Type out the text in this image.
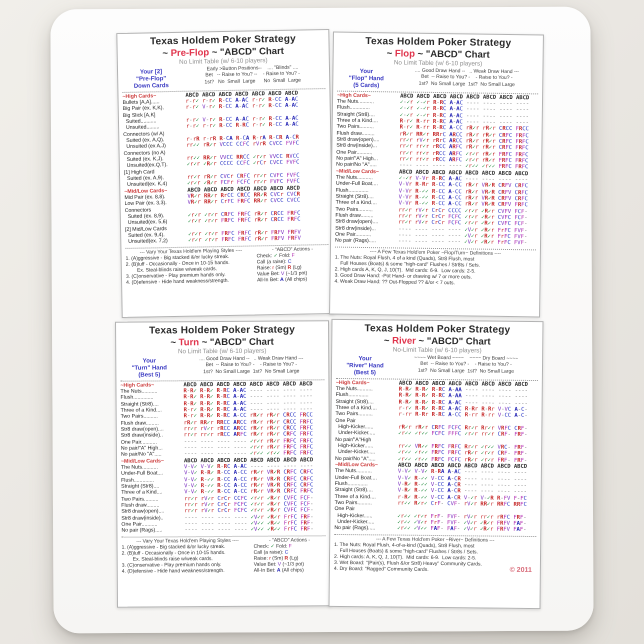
Texas Holdem Poker Strategy
~ Pre-Flop ~ "ABCD" Chart
No Limit Table (w/ 6-10 players)
Your [2]
"Pre-Flop"
Down Cards
Early >Button Positions--    .... "Blinds" ....
Bet   -- Raise to You? --    - Raise to You? -
1st?   No  Small  Large      No  Small  Large
~High Cards~	ABCD ABCD ABCD ABCD ABCD ABCD ABCD
Bullets [A,A]......	r-r✓ r-r✓ R-CC A-AC r-r✓ R-CC A-AC
Big Pair (ex. K,K).	r-r✓ V-r✓ R-CC A-AC r-r✓ R-CC A-AC
Big Slick [A,K]
Suited...........	r-r✓ V-r✓ R-CC A-AC r-r✓ R-CC A-AC
Unsuited.........	r-r✓ r-r✓ R-CC R-RC r-r✓ R-CC A-AC
Connectors (w/ A)
Suited (ex. A,Q).	r-rR r-rR R-CA R-CA R-rA R-CR A-CR
Unsuited (ex A,J)	rr✓✓ rR✓r VCCC CCFC rVrR CVCC FVFC
Connectors (no A)
Suited (ex. K,J).	rr✓✓ RR✓r VVCC RRCC ✓r✓r VVCC RVCC
Unsuited(ex.Q,T).	✓r✓r ✓R✓r CCCC CCFC ✓rCr CVCC FVFC
[1] High Card
Suited (ex. A,9).	rr✓r rR✓r CVCr CRFC rr✓r CVFC FVFC
Unsuited(ex. K,4)	✓r✓r ✓R✓r FCFr FCFC rr✓r FVFC FVFC
~Mid/Low Cards~	ABCD ABCD ABCD ABCD ABCD ABCD ABCD
Mid Pair (ex. 8,8).	VR✓r RR✓r RrCC CRCC RR✓R CVCr CVCR
Low Pair (ex. 3,3).	VR✓r RR✓r CrFC FRFC RR✓r CVCC CVCC
Connectors
Suited (ex. 8,9).	✓r✓r ✓r✓r CRFC FRFC rR✓r CRCC FRFC
Unsuited(ex. 5,6)	✓r✓r ✓r✓r FRFC FRFC rR✓r CRCC FRFC
[2] Mid/Low Cards
Suited (ex. 9,4).	✓r✓r ✓r✓r FRFC FRFC rR✓r FRFV FRFV
Unsuited(ex. 7,2)	✓r✓r ✓r✓r FRFC FRFC rR✓r FRFV FRFV
--- Vary Your Texas Hold'em Playing Styles ----
1. (A)ggressive - Big stacked &/or lucky streak.
2. (B)luff - Occasionally - Once in 10-15 hands.
Ex. Steal-blinds raise w/weak cards.
3. (C)onservative - Play premium hands only.
4. (D)efensive - Hide hand weakness/strength.
- "ABCD" Actions -
Check: ✓ Fold: F
Call (a raise): C
Raise: r (Sm) R (Lg)
Value Bet: V (~1/3 pot)
All-In Bet: A (All chips)
Texas Holdem Poker Strategy
~ Flop ~ "ABCD" Chart
No Limit Table (w/ 6-10 players)
Your
"Flop" Hand
(5 Cards)
.... Good Draw Hand --   .. Weak Draw Hand ---
Bet  -- Raise to You? -    - Raise to You? -
1st?  No Small Large  1st?  No Small Large
~High Cards~	ABCD ABCD ABCD ABCD ABCD ABCD ABCD ABCD
The Nuts...........	✓-✓r ✓-✓r R-RC A-AC ---- ---- ---- ----
Flush..............	✓-✓r ✓-✓r R-RC A-AC ---- ---- ---- ----
Straight (Str8)....	✓-✓r ✓-✓r R-RC A-AC ---- ---- ---- ----
Three of a Kind....	R-r✓ R-rr R-RC A-AC ---- ---- ---- ----
Two Pairs..........	R-r✓ R-rr R-RC A-CC rR✓r rR✓r CRCC FRCC
Flush draw.........	rR✓r RR✓r RRrC ARCC rR✓r rR✓r CRFC FRFC
Str8 draw(open)....	rr✓r rV✓r rRrC ARCC rR✓r rR✓r CRFC FRFC
Str8 drw(inside)...	rr✓r rr✓r rRCC ARFC rR✓r rR✓r CRFC FRFC
One Pair...........	rr✓r rr✓r rRCC ARFC ✓r✓r rR✓r FRFC FRFC
No pair/"A" High...	rr✓r rr✓r rRCC ARFC ✓r✓r rR✓r FRFC FRFC
No pair/No "A".....	---- ---- ---- ---- ✓r✓✓ ✓r✓✓ FRFC FRFC
~Mid/Low Cards~	ABCD ABCD ABCD ABCD ABCD ABCD ABCD ABCD
The Nuts...........	✓-✓r V-Vr R-RC A-AC ---- ---- ---- ----
Under-Full Boat....	V-Vr R-Rr R-CC A-CC rR✓r VR✓R CRFV CRFC
Flush..............	V-Vr R-✓✓ R-CC A-CC rR✓r VR✓R CRFV CRFC
Straight (Str8)....	V-Vr R-✓✓ R-CC A-CC rR✓r VR✓R CRFV CRFC
Three of a Kind....	V-Vr R-✓✓ R-CC A-CC rR✓r VR✓R CRFV FRFC
Two Pairs..........	rr✓r rV✓r CrCr CCCC ✓r✓r ✓R✓r CVFV FCF-
Flush draw.........	rr✓r rV✓r CrCr FCFC ✓r✓r ✓R✓r CVFC FCF-
Str8 draw(open)....	rr✓r rV✓r CrCr FCFC ✓r✓r ✓R✓r CVFC FCF-
Str8 drw(inside)...	---- ---- ---- ---- ✓V✓r ✓R✓r FrFC FVF-
One Pair...........	---- ---- ---- ---- ✓V✓r ✓R✓r FrFC FVF-
No pair (Rags).....	---- ---- ---- ---- ✓V✓r ✓R✓r FrFC FVF-
---- A Few Texas Hold'em Poker ~Flop/Turn~ Definitions ----
1. The Nuts: Royal Flush, 4 of a kind (Quads), Str8 Flush, most
Full Houses (Boats) & some "high-card" Flushes / Str8ts / Sets.
2. High cards A, K, Q, J, 10(T).  Mid cards: 6-9.  Low cards: 2-5.
3. Good Draw Hand: -Pot Hand- or drawing w/ 7 or more outs.
4. Weak Draw Hand: ?? Out-Flopped ?? &/or < 7 outs.
Texas Holdem Poker Strategy
~ Turn ~ "ABCD" Chart
No Limit Table (w/ 6-10 players)
Your
"Turn" Hand
(Best 5)
.... Good Draw Hand --   .. Weak Draw Hand ---
Bet  -- Raise to You? -    - Raise to You? -
1st?  No Small Large  1st?  No Small Large
~High Cards~	ABCD ABCD ABCD ABCD ABCD ABCD ABCD ABCD
The Nuts...........	R-R✓ R-R✓ R-RC A-AC ---- ---- ---- ----
Flush..............	R-R✓ R-R✓ R-RC A-AC ---- ---- ---- ----
Straight (Str8)....	R-R✓ R-R✓ R-RC A-AC ---- ---- ---- ----
Three of a Kind....	R-r✓ R-R✓ R-RC A-AC ---- ---- ---- ----
Two Pairs..........	R-r✓ R-R✓ R-RC A-CC rR✓r rR✓r CRCC FRCC
Flush draw.........	rR✓r RR✓r RRCC ARCC rR✓r rR✓r CRCC FRFC
Str8 draw(open)....	rr✓r rV✓r rRCC ARCC rR✓r rR✓r CRCC FRFC
Str8 draw(inside)..	rr✓r rr✓r rRCC ARFC rR✓r rR✓r CRFC FRFC
One Pair...........	---- ---- ---- ---- ✓r✓r rR✓r FRFC FRFC
No pair/"A" High...	---- ---- ---- ---- ✓r✓r rR✓r FRFC FRFC
No pair/No "A".....	---- ---- ---- ---- ✓r✓✓ ✓r✓✓ FRFC FRFC
~Mid/Low Cards~	ABCD ABCD ABCD ABCD ABCD ABCD ABCD ABCD
The Nuts...........	V-V✓ V-V✓ R-RC A-AC ---- ---- ---- ----
Under-Full Boat....	V-V✓ R-R✓ R-CC A-CC rR✓r VR✓R CRFC CRFC
Flush..............	V-V✓ R-✓✓ R-CC A-CC rR✓r VR✓R CRFC CRFC
Straight (Str8)....	V-V✓ R-✓✓ R-CC A-CC rR✓r VR✓R CRFC CRFC
Three of a Kind....	V-V✓ R-✓✓ R-CC A-CC rR✓r VR✓R CRFC FRFC
Two Pairs..........	rr✓r rV✓r CrCr CCFC ✓r✓r ✓R✓r CVFC FCF-
Flush draw.........	rr✓r rV✓r CrCr FCFC ✓r✓r ✓R✓r CVFC FCF-
Str8 draw(open)....	rr✓r rV✓r CrCr FCFC ✓r✓r ✓R✓r CVFC FCF-
Str8 draw(inside)..	---- ---- ---- ---- ✓V✓r ✓R✓r FrFC FRF-
One Pair...........	---- ---- ---- ---- ✓V✓✓ ✓R✓✓ FrFC FRF-
No pair (Rags).....	---- ---- ---- ---- ✓V✓✓ ✓R✓✓ FrFC FRF-
--- Vary Your Texas Hold'em Playing Styles ----
1. (A)ggressive - Big stacked &/or lucky streak.
2. (B)luff - Occasionally - Once in 10-15 hands.
Ex. Steal-blinds raise w/weak cards.
3. (C)onservative - Play premium hands only.
4. (D)efensive - Hide hand weakness/strength.
- "ABCD" Actions -
Check: ✓ Fold: F
Call (a raise): C
Raise: r (Sm) R (Lg)
Value Bet: V (~1/3 pot)
All-In Bet: A (All chips)
Texas Holdem Poker Strategy
~ River ~ "ABCD" Chart
No-Limit Table (w/ 6-10 players)
Your
"River" Hand
(Best 5)
~~~~ Wet Board ~~~~    ~~~~ Dry Board ~~~~
Bet  -- Raise to You? -    - Raise to You? -
1st?  No Small Large  1st?  No Small Large
~High Cards~	ABCD ABCD ABCD ABCD ABCD ABCD ABCD ABCD
The Nuts...........	R-R✓ R-R✓ R-RC A-AA ---- ---- ---- ----
Flush..............	R-R✓ R-R✓ R-RC A-AA ---- ---- ---- ----
Straight (Str8)....	R-R✓ R-R✓ R-RC A-AC ---- ---- ---- ----
Three of a Kind....	r-r✓ R-R✓ R-RC A-AC R-Rr R-Rr V-VC A-C-
Two Pairs..........	r-rr R-Rr R-RC A-CC R-rr R-rr V-CC A-C-
One Pair
High-Kicker......	rR✓r rR✓r CRFC FCFC Rr✓r Rr✓r VRFC CRF-
Under-Kicker.....	✓r✓✓ ✓r✓✓ FCFC FFFC ✓r✓r rr✓r CRF- FRF-
No pair/"A"High
High-Kicker......	rr✓✓ VR✓✓ FRFC FRFC Rr✓r ✓r✓✓ VRC- FRF-
Under-Kicker.....	✓r✓✓ ✓r✓✓ FRFC FRFC rR✓r ✓r✓r CRF- FRF-
No pair/No "A".....	✓r✓✓ ✓r✓✓ FRFC FCFC rR✓r ✓r✓r FRF- FRF-
~Mid/Low Cards~	ABCD ABCD ABCD ABCD ABCD ABCD ABCD ABCD
The Nuts...........	V-V✓ V-V✓ R-RA A-AC ---- ---- ---- ----
Under-Full Boat....	V-V✓ R-✓✓ V-CC A-CR ---- ---- ---- ----
Flush..............	V-R✓ R-✓✓ V-CC A-CR ---- ---- ---- ----
Straight (Str8)....	V-R✓ R-✓✓ V-CC A-CR ---- ---- ---- ----
Three of a Kind....	r-R✓ R-✓✓ V-CC A-CR V-✓r V-✓R R-FV F-FC
Two Pairs..........	rr✓✓ R✓r✓ CrF- CVF- rV✓r RR✓r RRFC RRFC
One Pair
High-Kicker......	✓r✓✓ ✓r✓r FrF- FVF- rV✓r rr✓r rRFC FRF-
Under-Kicker.....	✓r✓✓ ✓V✓r FrF- FVF- ✓V✓r ✓R✓r FRFV FAF-
No pair (Rags).....	✓r✓✓ ✓V✓✓ FAF- FAF- ✓V✓r ✓R✓r FRFV FAF-
--- A Few Texas Hold'em Poker ~River~ Definitions ---
1. The Nuts: Royal Flush, 4-of-a-kind (Quads), Str8 Flush, most
Full Houses (Boats) & some "high-card" Flushes / Str8s / Sets.
2. High cards: A, K, Q, J, 10(T).  Mid cards: 6-9.  Low cards: 2-5.
3. Wet Board: "(Pair(s), Flush &/or Str8) Heavy" Community Cards.
4. Dry Board: "Ragged" Community Cards.	© 2011
